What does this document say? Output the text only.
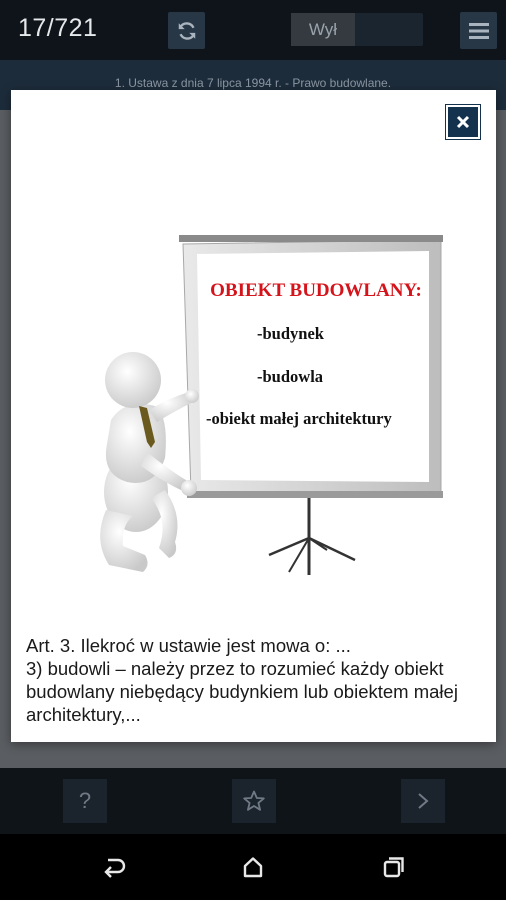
17/721	Wył
1. Ustawa z dnia 7 lipca 1994 r. - Prawo budowlane.
?
OBIEKT BUDOWLANY:
-budynek
-budowla
-obiekt małej architektury

Art. 3. Ilekroć w ustawie jest mowa o: ...

3) budowli – należy przez to rozumieć każdy obiekt budowlany niebędący budynkiem lub obiektem małej architektury,...
